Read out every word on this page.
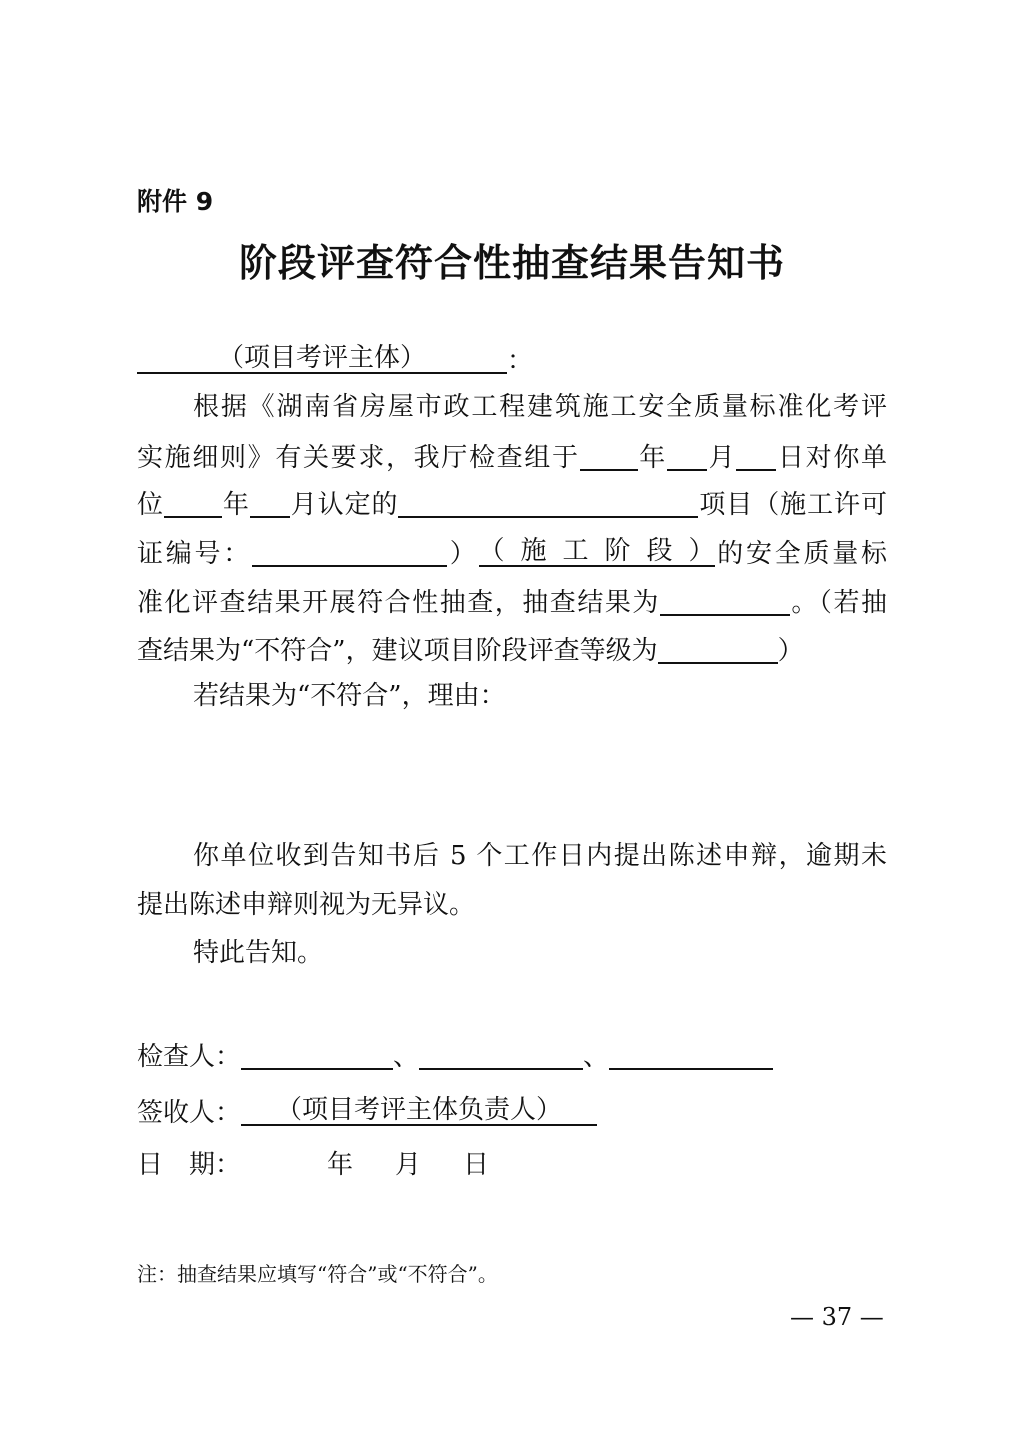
附件 9
阶段评查符合性抽查结果告知书
（项目考评主体）	：
根据《湖南省房屋市政工程建筑施工安全质量标准化考评
实施细则》有关要求，我厅检查组于 年 月 日对你单
位 年 月认定的	项目（施工许可
证编号：	）（施工阶段）的安全质量标
准化评查结果开展符合性抽查，抽查结果为	。（若抽
查结果为“不符合”，建议项目阶段评查等级为	）
若结果为“不符合”，理由：
你单位收到告知书后 5 个工作日内提出陈述申辩，逾期未
提出陈述申辩则视为无异议。
特此告知。
检查人：	、	、
签收人： （项目考评主体负责人）
日　期：	年 月 日
注：抽查结果应填写“符合”或“不符合”。
— 37 —
